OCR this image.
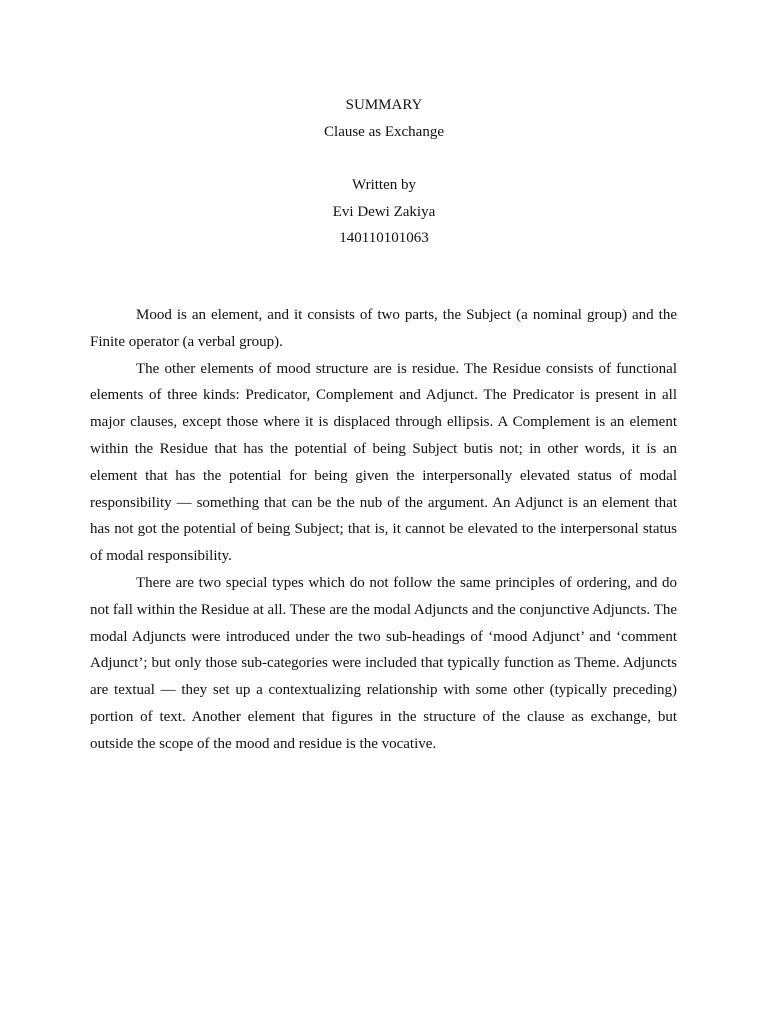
SUMMARY
Clause as Exchange
Written by
Evi Dewi Zakiya
140110101063

Mood is an element, and it consists of two parts, the Subject (a nominal group) and the Finite operator (a verbal group).

The other elements of mood structure are is residue. The Residue consists of functional elements of three kinds: Predicator, Complement and Adjunct. The Predicator is present in all major clauses, except those where it is displaced through ellipsis. A Complement is an element within the Residue that has the potential of being Subject butis not; in other words, it is an element that has the potential for being given the interpersonally elevated status of modal responsibility — something that can be the nub of the argument. An Adjunct is an element that has not got the potential of being Subject; that is, it cannot be elevated to the interpersonal status of modal responsibility.

There are two special types which do not follow the same principles of ordering, and do not fall within the Residue at all. These are the modal Adjuncts and the conjunctive Adjuncts. The modal Adjuncts were introduced under the two sub-headings of ‘mood Adjunct’ and ‘comment Adjunct’; but only those sub-categories were included that typically function as Theme. Adjuncts are textual — they set up a contextualizing relationship with some other (typically preceding) portion of text. Another element that figures in the structure of the clause as exchange, but outside the scope of the mood and residue is the vocative.
